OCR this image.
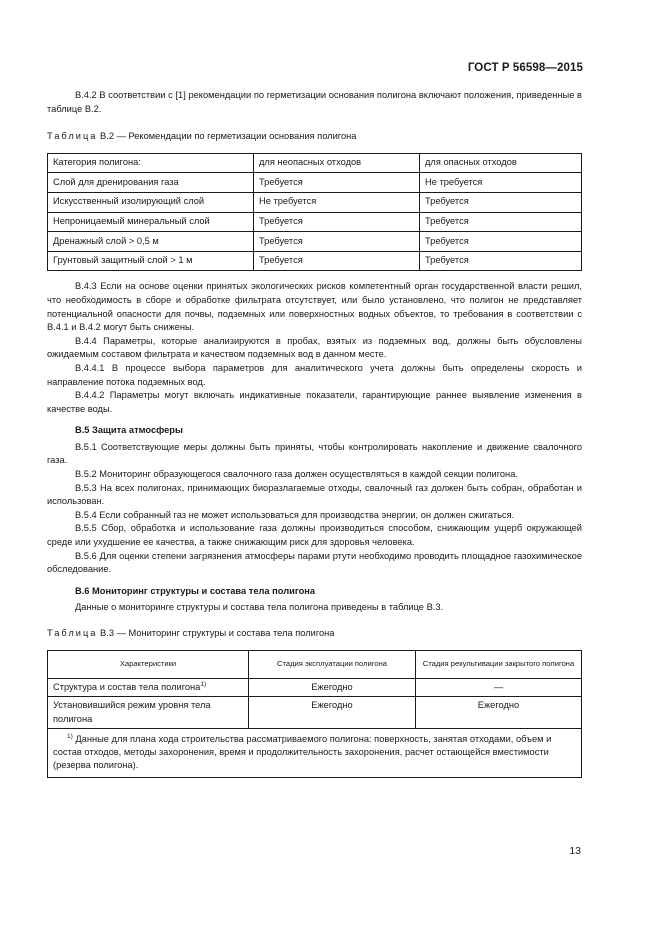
ГОСТ Р 56598—2015

В.4.2 В соответствии с [1] рекомендации по герметизации основания полигона включают положения, приведенные в таблице В.2.

Таблица В.2 — Рекомендации по герметизации основания полигона

Категория полигона:	для неопасных отходов	для опасных отходов
Слой для дренирования газа	Требуется	Не требуется
Искусственный изолирующий слой	Не требуется	Требуется
Непроницаемый минеральный слой	Требуется	Требуется
Дренажный слой > 0,5 м	Требуется	Требуется
Грунтовый защитный слой > 1 м	Требуется	Требуется

В.4.3 Если на основе оценки принятых экологических рисков компетентный орган государственной власти решил, что необходимость в сборе и обработке фильтрата отсутствует, или было установлено, что полигон не представляет потенциальной опасности для почвы, подземных или поверхностных водных объектов, то требования в соответствии с В.4.1 и В.4.2 могут быть снижены.

В.4.4 Параметры, которые анализируются в пробах, взятых из подземных вод, должны быть обусловлены ожидаемым составом фильтрата и качеством подземных вод в данном месте.

В.4.4.1 В процессе выбора параметров для аналитического учета должны быть определены скорость и направление потока подземных вод.

В.4.4.2 Параметры могут включать индикативные показатели, гарантирующие раннее выявление изменения в качестве воды.

В.5 Защита атмосферы

В.5.1 Соответствующие меры должны быть приняты, чтобы контролировать накопление и движение свалочного газа.

В.5.2 Мониторинг образующегося свалочного газа должен осуществляться в каждой секции полигона.

В.5.3 На всех полигонах, принимающих биоразлагаемые отходы, свалочный газ должен быть собран, обработан и использован.

В.5.4 Если собранный газ не может использоваться для производства энергии, он должен сжигаться.

В.5.5 Сбор, обработка и использование газа должны производиться способом, снижающим ущерб окружающей среде или ухудшение ее качества, а также снижающим риск для здоровья человека.

В.5.6 Для оценки степени загрязнения атмосферы парами ртути необходимо проводить площадное газохимическое обследование.

В.6 Мониторинг структуры и состава тела полигона

Данные о мониторинге структуры и состава тела полигона приведены в таблице В.3.

Таблица В.3 — Мониторинг структуры и состава тела полигона

Характеристики	Стадия эксплуатации полигона	Стадия рекультивации закрытого полигона
Структура и состав тела полигона$^{1)}$	Ежегодно	—
Установившийся режим уровня тела полигона	Ежегодно	Ежегодно
$^{1)}$ Данные для плана хода строительства рассматриваемого полигона: поверхность, занятая отходами, объем и состав отходов, методы захоронения, время и продолжительность захоронения, расчет остающейся вместимости (резерва полигона).		
13
